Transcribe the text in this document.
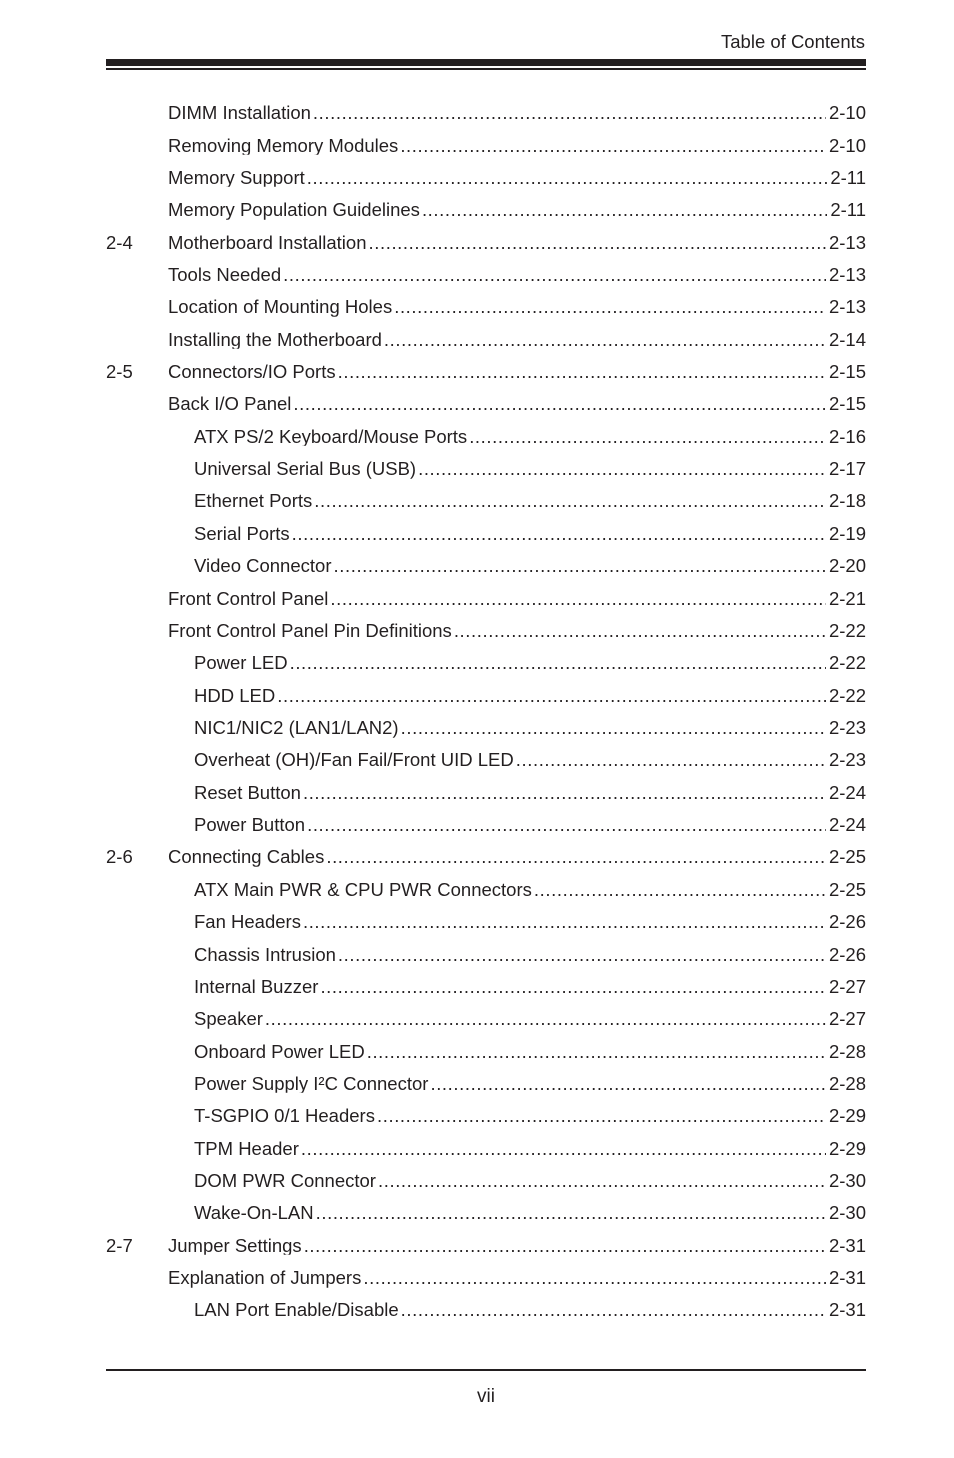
Table of Contents
DIMM Installation .....	2-10
Removing Memory Modules .....	2-10
Memory Support .....	2-11
Memory Population Guidelines .....	2-11
2-4 Motherboard Installation .....	2-13
Tools Needed .....	2-13
Location of Mounting Holes .....	2-13
Installing the Motherboard .....	2-14
2-5 Connectors/IO Ports .....	2-15
Back I/O Panel .....	2-15
ATX PS/2 Keyboard/Mouse Ports .....	2-16
Universal Serial Bus (USB) .....	2-17
Ethernet Ports .....	2-18
Serial Ports .....	2-19
Video Connector .....	2-20
Front Control Panel .....	2-21
Front Control Panel Pin Definitions .....	2-22
Power LED .....	2-22
HDD LED .....	2-22
NIC1/NIC2 (LAN1/LAN2) .....	2-23
Overheat (OH)/Fan Fail/Front UID LED .....	2-23
Reset Button .....	2-24
Power Button .....	2-24
2-6 Connecting Cables .....	2-25
ATX Main PWR & CPU PWR Connectors .....	2-25
Fan Headers .....	2-26
Chassis Intrusion .....	2-26
Internal Buzzer .....	2-27
Speaker .....	2-27
Onboard Power LED .....	2-28
Power Supply I²C Connector .....	2-28
T-SGPIO 0/1 Headers .....	2-29
TPM Header .....	2-29
DOM PWR Connector .....	2-30
Wake-On-LAN .....	2-30
2-7 Jumper Settings .....	2-31
Explanation of Jumpers .....	2-31
LAN Port Enable/Disable .....	2-31
vii
